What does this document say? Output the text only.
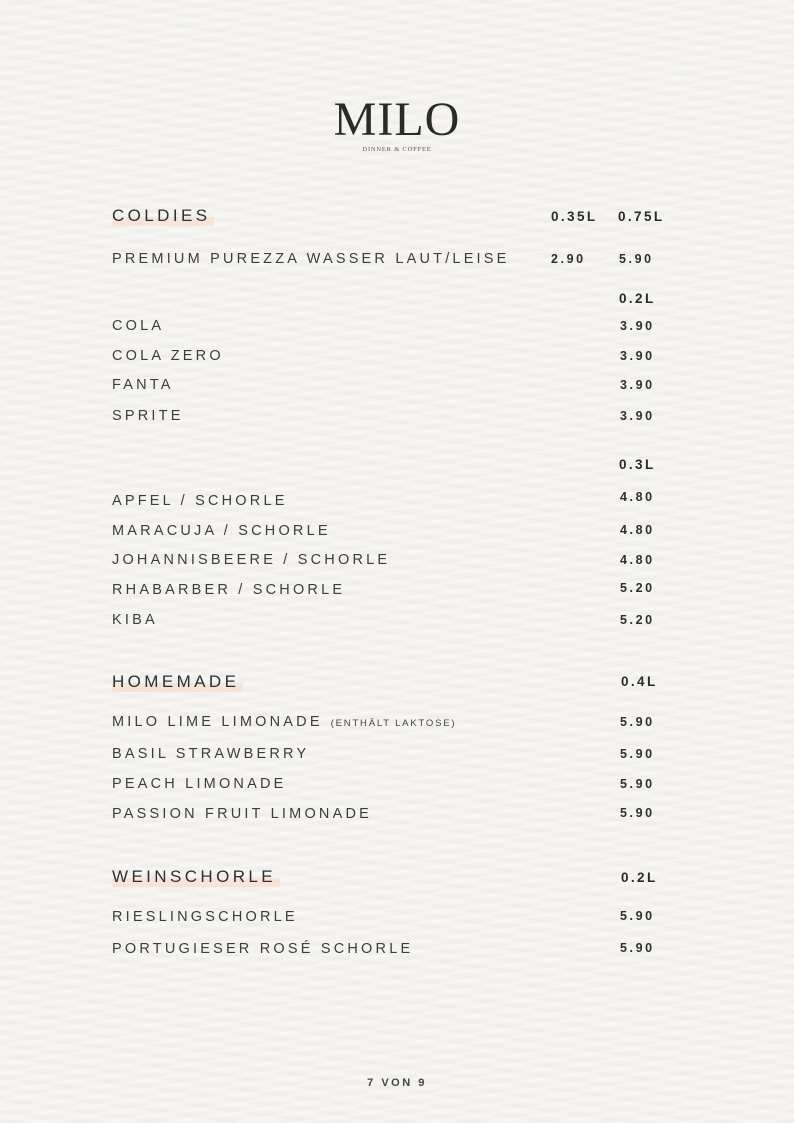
MILO
DINNER & COFFEE
COLDIES	0.35L 0.75L
PREMIUM PUREZZA WASSER LAUT/LEISE	2.90	5.90
0.2L
COLA	3.90
COLA ZERO	3.90
FANTA	3.90
SPRITE	3.90
0.3L
APFEL / SCHORLE	4.80
MARACUJA / SCHORLE	4.80
JOHANNISBEERE / SCHORLE	4.80
RHABARBER / SCHORLE	5.20
KIBA	5.20
HOMEMADE	0.4L
MILO LIME LIMONADE (ENTHÄLT LAKTOSE)	5.90
BASIL STRAWBERRY	5.90
PEACH LIMONADE	5.90
PASSION FRUIT LIMONADE	5.90
WEINSCHORLE	0.2L
RIESLINGSCHORLE	5.90
PORTUGIESER ROSÉ SCHORLE	5.90
7 VON 9
